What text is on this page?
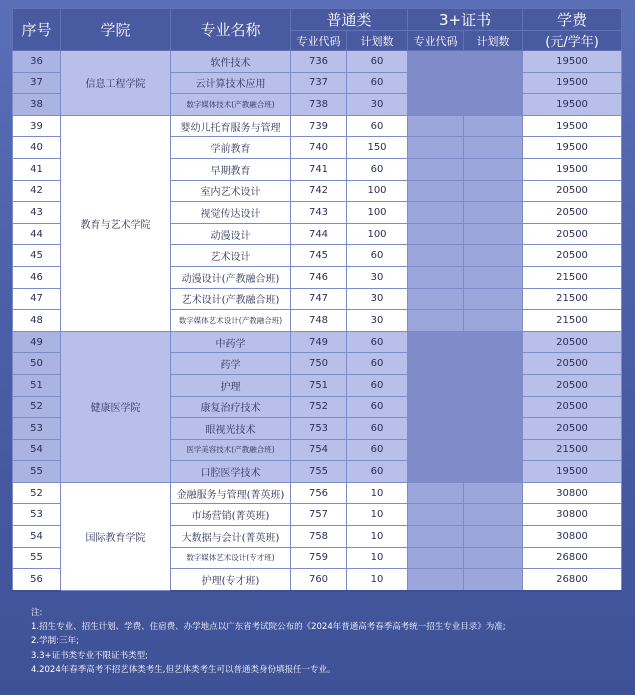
序号	学院	专业名称	普通类		3+证书		学费
			专业代码	计划数	专业代码	计划数	(元/学年)
36	信息工程学院	软件技术	736	60			19500
37		云计算技术应用	737	60			19500
38		数字媒体技术(产教融合班)	738	30			19500
39	教育与艺术学院	婴幼儿托育服务与管理	739	60			19500
40		学前教育	740	150			19500
41		早期教育	741	60			19500
42		室内艺术设计	742	100			20500
43		视觉传达设计	743	100			20500
44		动漫设计	744	100			20500
45		艺术设计	745	60			20500
46		动漫设计(产教融合班)	746	30			21500
47		艺术设计(产教融合班)	747	30			21500
48		数字媒体艺术设计(产教融合班)	748	30			21500
49	健康医学院	中药学	749	60			20500
50		药学	750	60			20500
51		护理	751	60			20500
52		康复治疗技术	752	60			20500
53		眼视光技术	753	60			20500
54		医学美容技术(产教融合班)	754	60			21500
55		口腔医学技术	755	60			19500
52	国际教育学院	金融服务与管理(菁英班)	756	10			30800
53		市场营销(菁英班)	757	10			30800
54		大数据与会计(菁英班)	758	10			30800
55		数字媒体艺术设计(专才班)	759	10			26800
56		护理(专才班)	760	10			26800
注:
1.招生专业、招生计划、学费、住宿费、办学地点以广东省考试院公布的《2024年普通高考春季高考统一招生专业目录》为准;
2.学制:三年;
3.3+证书类专业不限证书类型;
4.2024年春季高考不招艺体类考生,但艺体类考生可以普通类身份填报任一专业。
